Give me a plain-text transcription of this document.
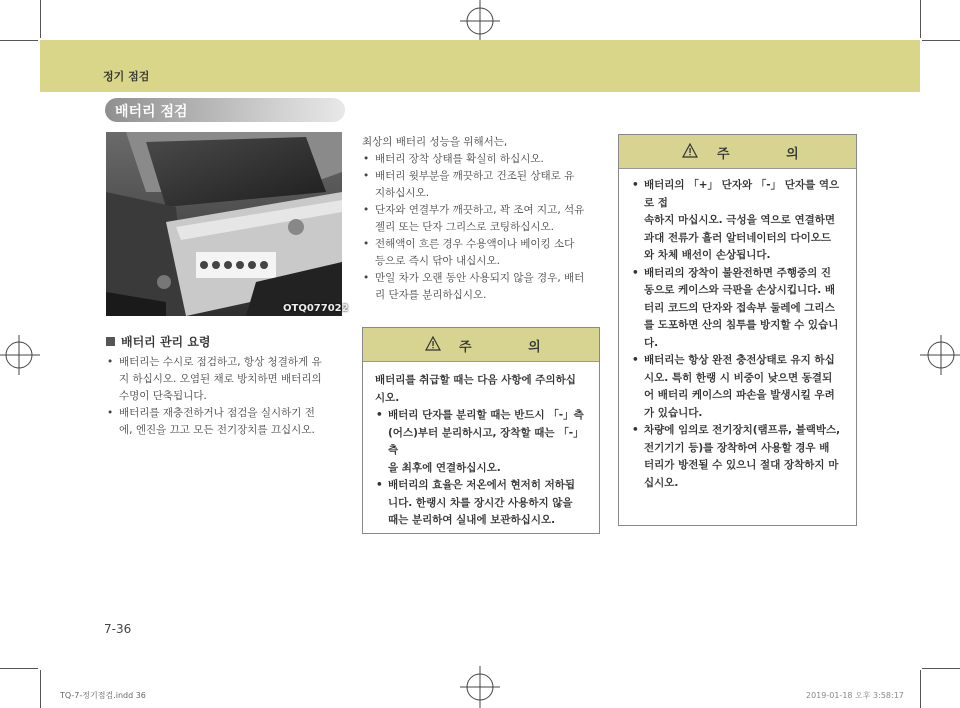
정기 점검
배터리 점검
OTQ077022
배터리 관리 요령
• 배터리는 수시로 점검하고, 항상 청결하게 유
지 하십시오. 오염된 채로 방치하면 배터리의
수명이 단축됩니다.
• 배터리를 재충전하거나 점검을 실시하기 전
에, 엔진을 끄고 모든 전기장치를 끄십시오.
최상의 배터리 성능을 위해서는,
• 배터리 장착 상태를 확실히 하십시오.
• 배터리 윗부분을 깨끗하고 건조된 상태로 유
지하십시오.
• 단자와 연결부가 깨끗하고, 꽉 조여 지고, 석유
젤리 또는 단자 그리스로 코팅하십시오.
• 전해액이 흐른 경우 수용액이나 베이킹 소다
등으로 즉시 닦아 내십시오.
• 만일 차가 오랜 동안 사용되지 않을 경우, 배터
리 단자를 분리하십시오.
주 의
배터리를 취급할 때는 다음 사항에 주의하십
시오.
• 배터리 단자를 분리할 때는 반드시 「-」측
(어스)부터 분리하시고, 장착할 때는 「-」측
을 최후에 연결하십시오.
• 배터리의 효율은 저온에서 현저히 저하됩
니다. 한랭시 차를 장시간 사용하지 않을
때는 분리하여 실내에 보관하십시오.
주 의
• 배터리의 「+」 단자와 「-」 단자를 역으로 접
속하지 마십시오. 극성을 역으로 연결하면
과대 전류가 흘러 알터네이터의 다이오드
와 차체 배선이 손상됩니다.
• 배터리의 장착이 불완전하면 주행중의 진
동으로 케이스와 극판을 손상시킵니다. 배
터리 코드의 단자와 접속부 둘레에 그리스
를 도포하면 산의 침투를 방지할 수 있습니
다.
• 배터리는 항상 완전 충전상태로 유지 하십
시오. 특히 한랭 시 비중이 낮으면 동결되
어 배터리 케이스의 파손을 발생시킬 우려
가 있습니다.
• 차량에 임의로 전기장치(램프류, 블랙박스,
전기기기 등)를 장착하여 사용할 경우 배
터리가 방전될 수 있으니 절대 장착하지 마
십시오.
7-36
TQ-7-정기점검.indd 36	2019-01-18 오후 3:58:17
